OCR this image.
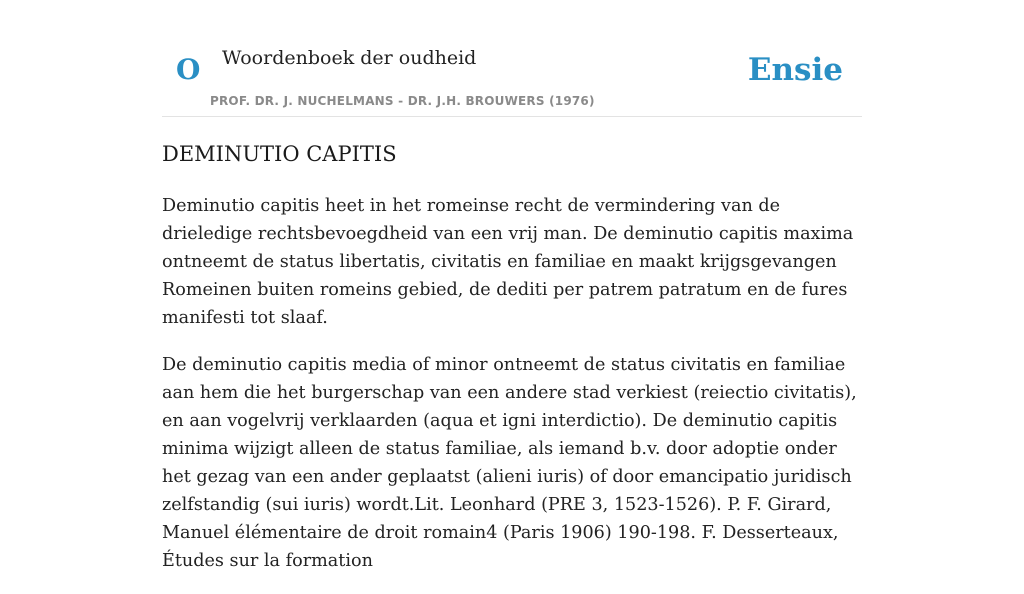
O Woordenboek der oudheid
PROF. DR. J. NUCHELMANS - DR. J.H. BROUWERS (1976)
Ensie
DEMINUTIO CAPITIS

Deminutio capitis heet in het romeinse recht de vermindering van de drieledige rechtsbevoegdheid van een vrij man. De deminutio capitis maxima ontneemt de status libertatis, civitatis en familiae en maakt krijgsgevangen Romeinen buiten romeins gebied, de dediti per patrem patratum en de fures manifesti tot slaaf.

De deminutio capitis media of minor ontneemt de status civitatis en familiae aan hem die het burgerschap van een andere stad verkiest (reiectio civitatis), en aan vogelvrij verklaarden (aqua et igni interdictio). De deminutio capitis minima wijzigt alleen de status familiae, als iemand b.v. door adoptie onder het gezag van een ander geplaatst (alieni iuris) of door emancipatio juridisch zelfstandig (sui iuris) wordt.Lit. Leonhard (PRE 3, 1523-1526). P. F. Girard, Manuel élémentaire de droit romain4 (Paris 1906) 190-198. F. Desserteaux, Études sur la formation
